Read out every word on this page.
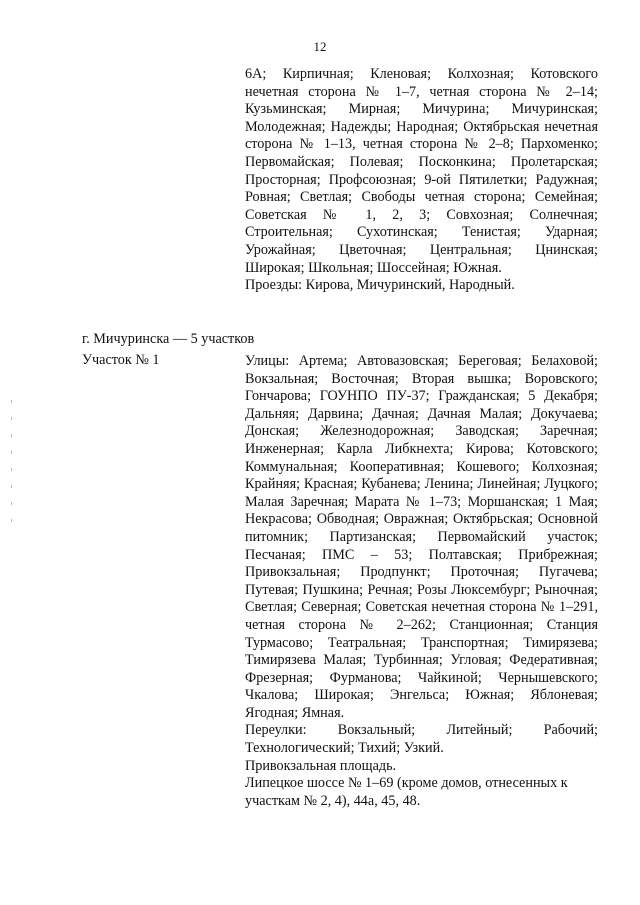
12

6А; Кирпичная; Кленовая; Колхозная; Котовского нечетная сторона № 1–7, четная сторона № 2–14; Кузьминская; Мирная; Мичурина; Мичуринская; Молодежная; Надежды; Народная; Октябрьская нечетная сторона № 1–13, четная сторона № 2–8; Пархоменко; Первомайская; Полевая; Посконкина; Пролетарская; Просторная; Профсоюзная; 9-ой Пятилетки; Радужная; Ровная; Светлая; Свободы четная сторона; Семейная; Советская № 1, 2, 3; Совхозная; Солнечная; Строительная; Сухотинская; Тенистая; Ударная; Урожайная; Цветочная; Центральная; Цнинская; Широкая; Школьная; Шоссейная; Южная.

Проезды: Кирова, Мичуринский, Народный.

г. Мичуринска — 5 участков
Участок № 1	Улицы: Артема; Автовазовская; Береговая; Белаховой; Вокзальная; Восточная; Вторая вышка; Воровского; Гончарова; ГОУНПО ПУ-37; Гражданская; 5 Декабря; Дальняя; Дарвина; Дачная; Дачная Малая; Докучаева; Донская; Железнодорожная; Заводская; Заречная; Инженерная; Карла Либкнехта; Кирова; Котовского; Коммунальная; Кооперативная; Кошевого; Колхозная; Крайняя; Красная; Кубанева; Ленина; Линейная; Луцкого; Малая Заречная; Марата № 1–73; Моршанская; 1 Мая; Некрасова; Обводная; Овражная; Октябрьская; Основной питомник; Партизанская; Первомайский участок; Песчаная; ПМС – 53; Полтавская; Прибрежная; Привокзальная; Продпункт; Проточная; Пугачева; Путевая; Пушкина; Речная; Розы Люксембург; Рыночная; Светлая; Северная; Советская нечетная сторона № 1–291, четная сторона № 2–262; Станционная; Станция Турмасово; Театральная; Транспортная; Тимирязева; Тимирязева Малая; Турбинная; Угловая; Федеративная; Фрезерная; Фурманова; Чайкиной; Чернышевского; Чкалова; Широкая; Энгельса; Южная; Яблоневая; Ягодная; Ямная.

Переулки: Вокзальный; Литейный; Рабочий; Технологический; Тихий; Узкий.

Привокзальная площадь.

Липецкое шоссе № 1–69 (кроме домов, отнесенных к участкам № 2, 4), 44а, 45, 48.
